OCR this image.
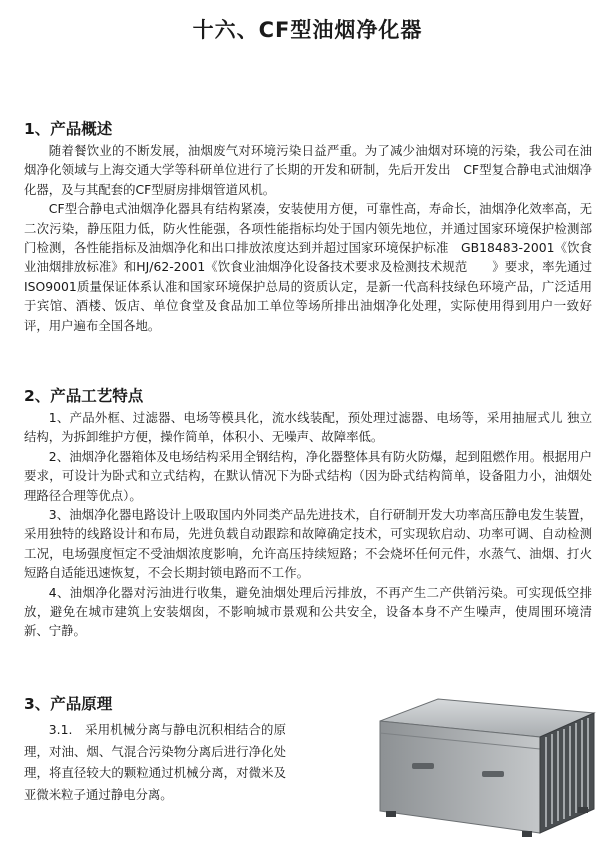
十六、CF型油烟净化器
1、产品概述

随着餐饮业的不断发展，油烟废气对环境污染日益严重。为了减少油烟对环境的污染，我公司在油烟净化领域与上海交通大学等科研单位进行了长期的开发和研制，先后开发出　CF型复合静电式油烟净化器，及与其配套的CF型厨房排烟管道风机。

CF型合静电式油烟净化器具有结构紧凑，安装使用方便，可靠性高，寿命长，油烟净化效率高，无二次污染，静压阻力低，防火性能强，各项性能指标均处于国内领先地位，并通过国家环境保护检测部门检测，各性能指标及油烟净化和出口排放浓度达到并超过国家环境保护标准　GB18483-2001《饮食业油烟排放标准》和HJ/62-2001《饮食业油烟净化设备技术要求及检测技术规范　　》要求，率先通过ISO9001质量保证体系认准和国家环境保护总局的资质认定，是新一代高科技绿色环境产品，广泛适用于宾馆、酒楼、饭店、单位食堂及食品加工单位等场所排出油烟净化处理，实际使用得到用户一致好评，用户遍布全国各地。

2、产品工艺特点

1、产品外框、过滤器、电场等模具化，流水线装配，预处理过滤器、电场等，采用抽屉式儿 独立结构，为拆卸维护方便，操作简单，体积小、无噪声、故障率低。

2、油烟净化器箱体及电场结构采用全钢结构，净化器整体具有防火防爆，起到阻燃作用。根据用户要求，可设计为卧式和立式结构，在默认情况下为卧式结构（因为卧式结构简单，设备阻力小，油烟处理路径合理等优点）。

3、油烟净化器电路设计上吸取国内外同类产品先进技术，自行研制开发大功率高压静电发生装置，采用独特的线路设计和布局，先进负载自动跟踪和故障确定技术，可实现软启动、功率可调、自动检测工况，电场强度恒定不受油烟浓度影响，允许高压持续短路；不会烧坏任何元件，水蒸气、油烟、打火短路自适能迅速恢复，不会长期封锁电路而不工作。

4、油烟净化器对污油进行收集，避免油烟处理后污排放，不再产生二产供销污染。可实现低空排放，避免在城市建筑上安装烟囱，不影响城市景观和公共安全，设备本身不产生噪声，使周围环境清新、宁静。

3、产品原理

3.1.　采用机械分离与静电沉积相结合的原理，对油、烟、气混合污染物分离后进行净化处理，将直径较大的颗粒通过机械分离，对微米及亚微米粒子通过静电分离。
